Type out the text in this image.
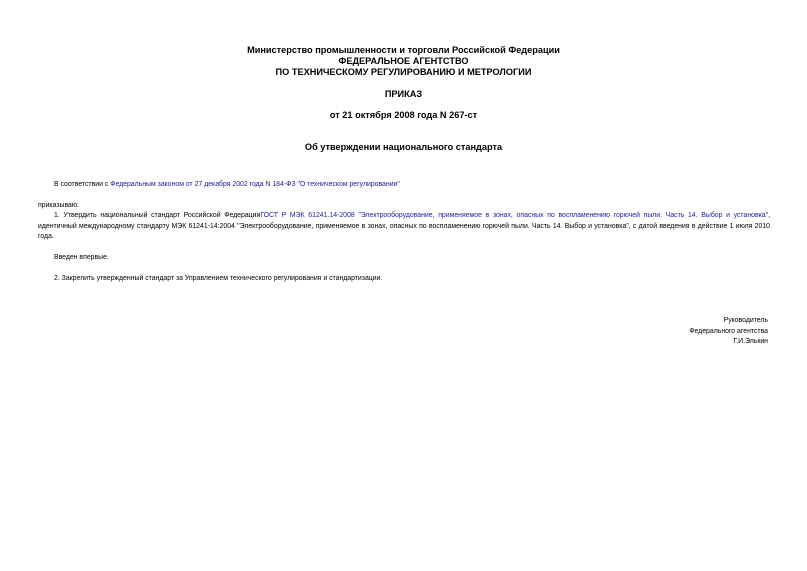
Министерство промышленности и торговли Российской Федерации
ФЕДЕРАЛЬНОЕ АГЕНТСТВО
ПО ТЕХНИЧЕСКОМУ РЕГУЛИРОВАНИЮ И МЕТРОЛОГИИ
ПРИКАЗ
от 21 октября 2008 года N 267-ст
Об утверждении национального стандарта
В соответствии с Федеральным законом от 27 декабря 2002 года N 184-ФЗ "О техническом регулировании"
приказываю:
1. Утвердить национальный стандарт Российской ФедерацииГОСТ Р МЭК 61241.14-2008 "Электрооборудование, применяемое в зонах, опасных по воспламенению горючей пыли. Часть 14. Выбор и установка", идентичный международному стандарту МЭК 61241-14:2004 "Электрооборудование, применяемое в зонах, опасных по воспламенению горючей пыли. Часть 14. Выбор и установка", с датой введения в действие 1 июля 2010 года.
Введен впервые.
2. Закрепить утвержденный стандарт за Управлением технического регулирования и стандартизации.
Руководитель
Федерального агентства
Г.И.Элькин
